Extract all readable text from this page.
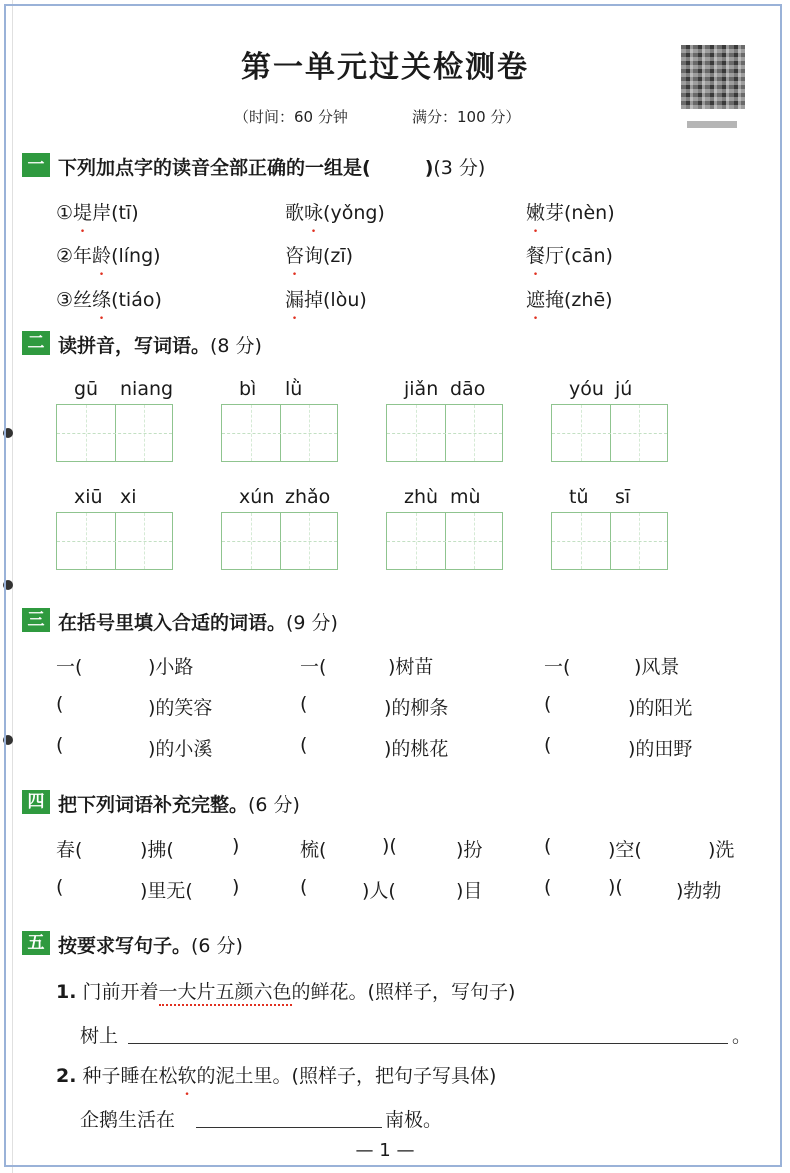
第一单元过关检测卷
（时间：60 分钟	满分：100 分）
一 下列加点字的读音全部正确的一组是(	)(3 分)
①堤岸(tī)	歌咏(yǒng)	嫩芽(nèn)
②年龄(líng)	咨询(zī)	餐厅(cān)
③丝绦(tiáo)	漏掉(lòu)	遮掩(zhē)
二 读拼音，写词语。(8 分)
gū niang	bì lǜ	jiǎn dāo	yóu jú
xiū xi	xún zhǎo	zhù mù	tǔ sī
三 在括号里填入合适的词语。(9 分)
一(	)小路	一(	)树苗	一(	)风景
(	)的笑容	(	)的柳条	(	)的阳光
(	)的小溪	(	)的桃花	(	)的田野
四 把下列词语补充完整。(6 分)
春(	)拂(	)	梳(	)(	)扮	(	)空(	)洗
(	)里无( )	(	)人(	)目	(	)(	)勃勃
五 按要求写句子。(6 分)
1. 门前开着一大片五颜六色的鲜花。(照样子，写句子)
树上	。
2. 种子睡在松软的泥土里。(照样子，把句子写具体)
企鹅生活在	南极。
— 1 —
